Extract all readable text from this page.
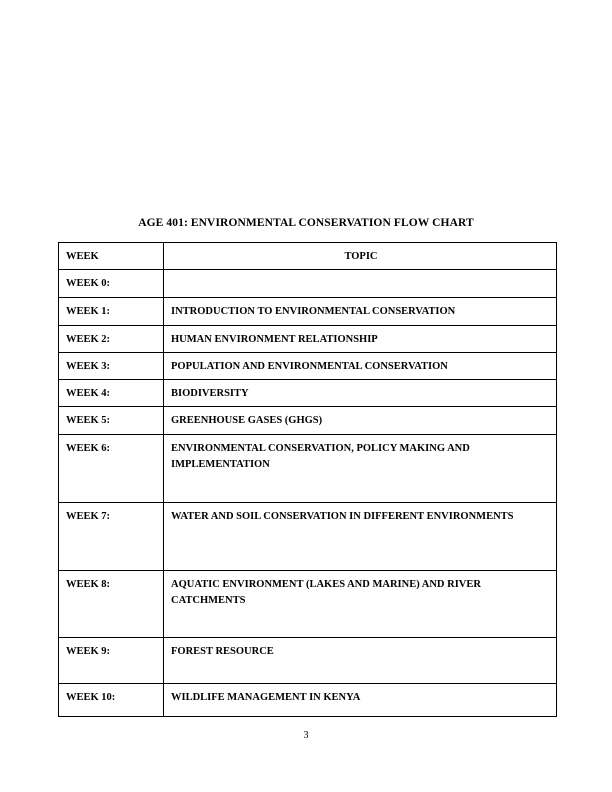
AGE 401: ENVIRONMENTAL CONSERVATION FLOW CHART
WEEK	TOPIC
WEEK 0:	
WEEK 1:	INTRODUCTION TO ENVIRONMENTAL CONSERVATION
WEEK 2:	HUMAN ENVIRONMENT RELATIONSHIP
WEEK 3:	POPULATION AND ENVIRONMENTAL CONSERVATION
WEEK 4:	BIODIVERSITY
WEEK 5:	GREENHOUSE GASES (GHGS)
WEEK 6:	ENVIRONMENTAL CONSERVATION, POLICY MAKING AND IMPLEMENTATION
WEEK 7:	WATER AND SOIL CONSERVATION IN DIFFERENT ENVIRONMENTS
WEEK 8:	AQUATIC ENVIRONMENT (LAKES AND MARINE) AND RIVER CATCHMENTS
WEEK 9:	FOREST RESOURCE
WEEK 10:	WILDLIFE MANAGEMENT IN KENYA
3
